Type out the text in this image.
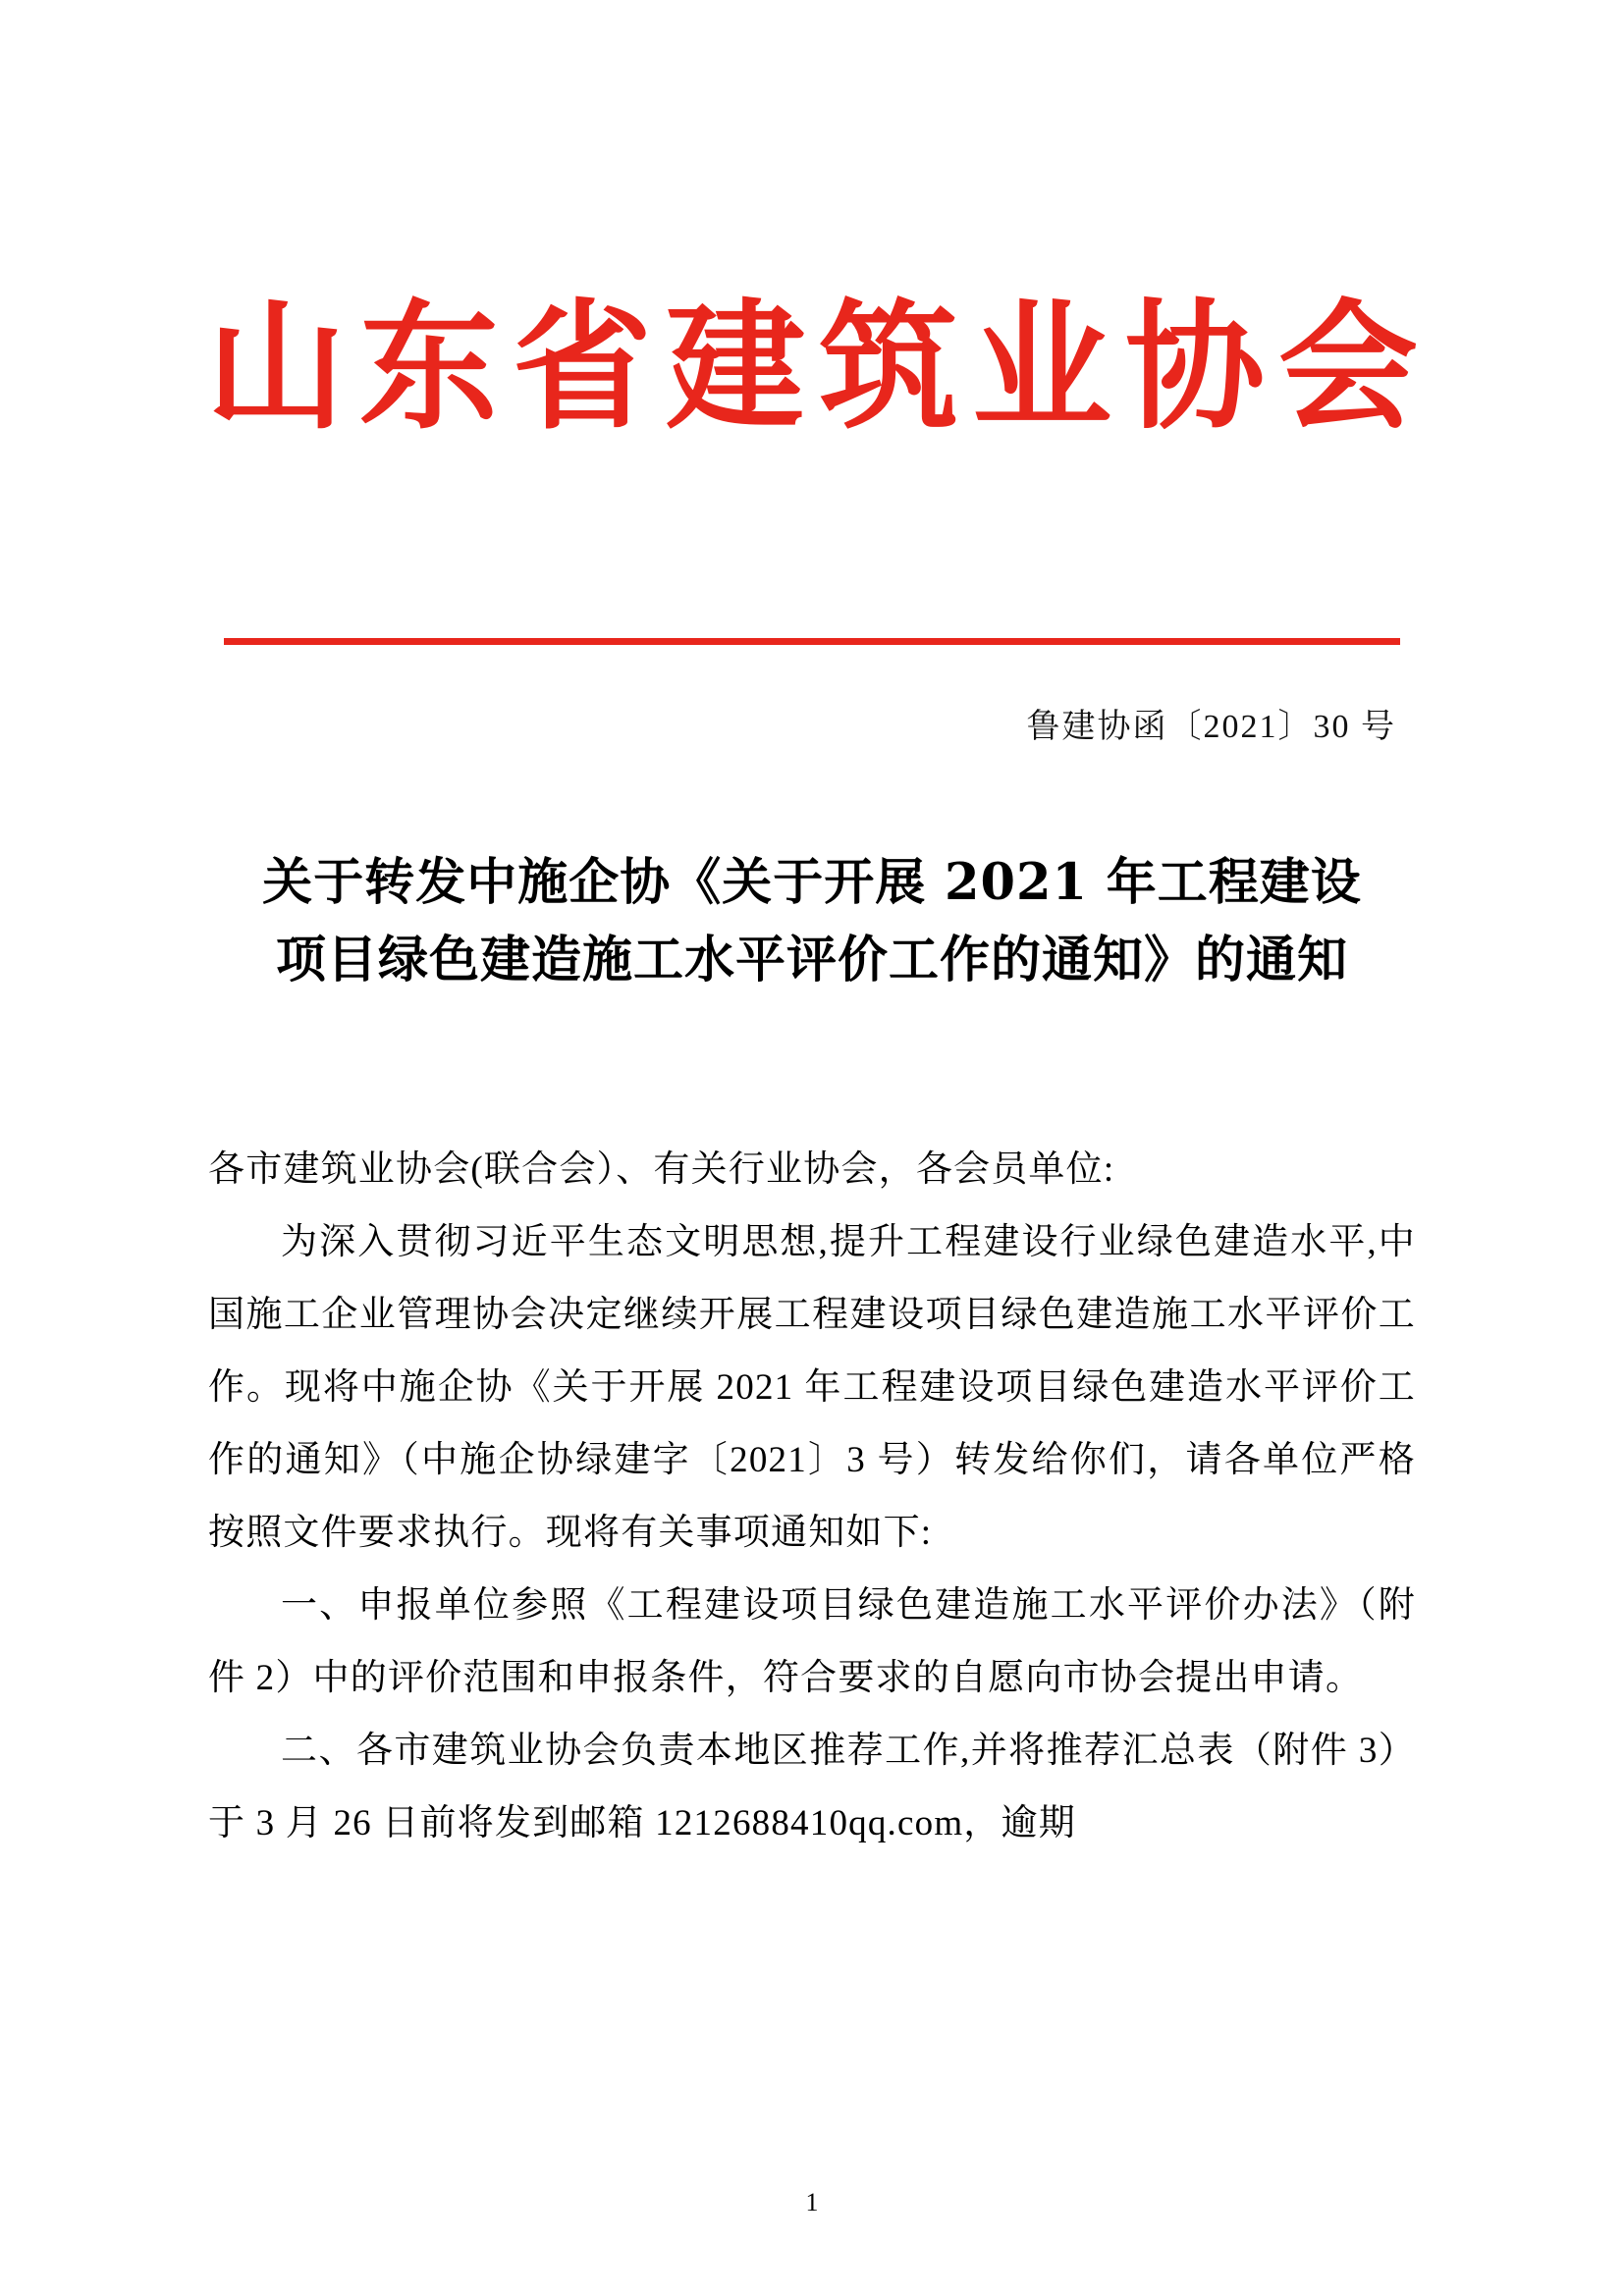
山东省建筑业协会
鲁建协函〔2021〕30 号
关于转发中施企协《关于开展 2021 年工程建设
项目绿色建造施工水平评价工作的通知》的通知

各市建筑业协会(联合会）、有关行业协会，各会员单位:

为深入贯彻习近平生态文明思想,提升工程建设行业绿色建造水平,中国施工企业管理协会决定继续开展工程建设项目绿色建造施工水平评价工作。现将中施企协《关于开展 2021 年工程建设项目绿色建造水平评价工作的通知》（中施企协绿建字〔2021〕3 号）转发给你们，请各单位严格按照文件要求执行。现将有关事项通知如下:

一、申报单位参照《工程建设项目绿色建造施工水平评价办法》（附件 2）中的评价范围和申报条件，符合要求的自愿向市协会提出申请。

二、各市建筑业协会负责本地区推荐工作,并将推荐汇总表（附件 3）于 3 月 26 日前将发到邮箱 1212688410qq.com，逾期

1
